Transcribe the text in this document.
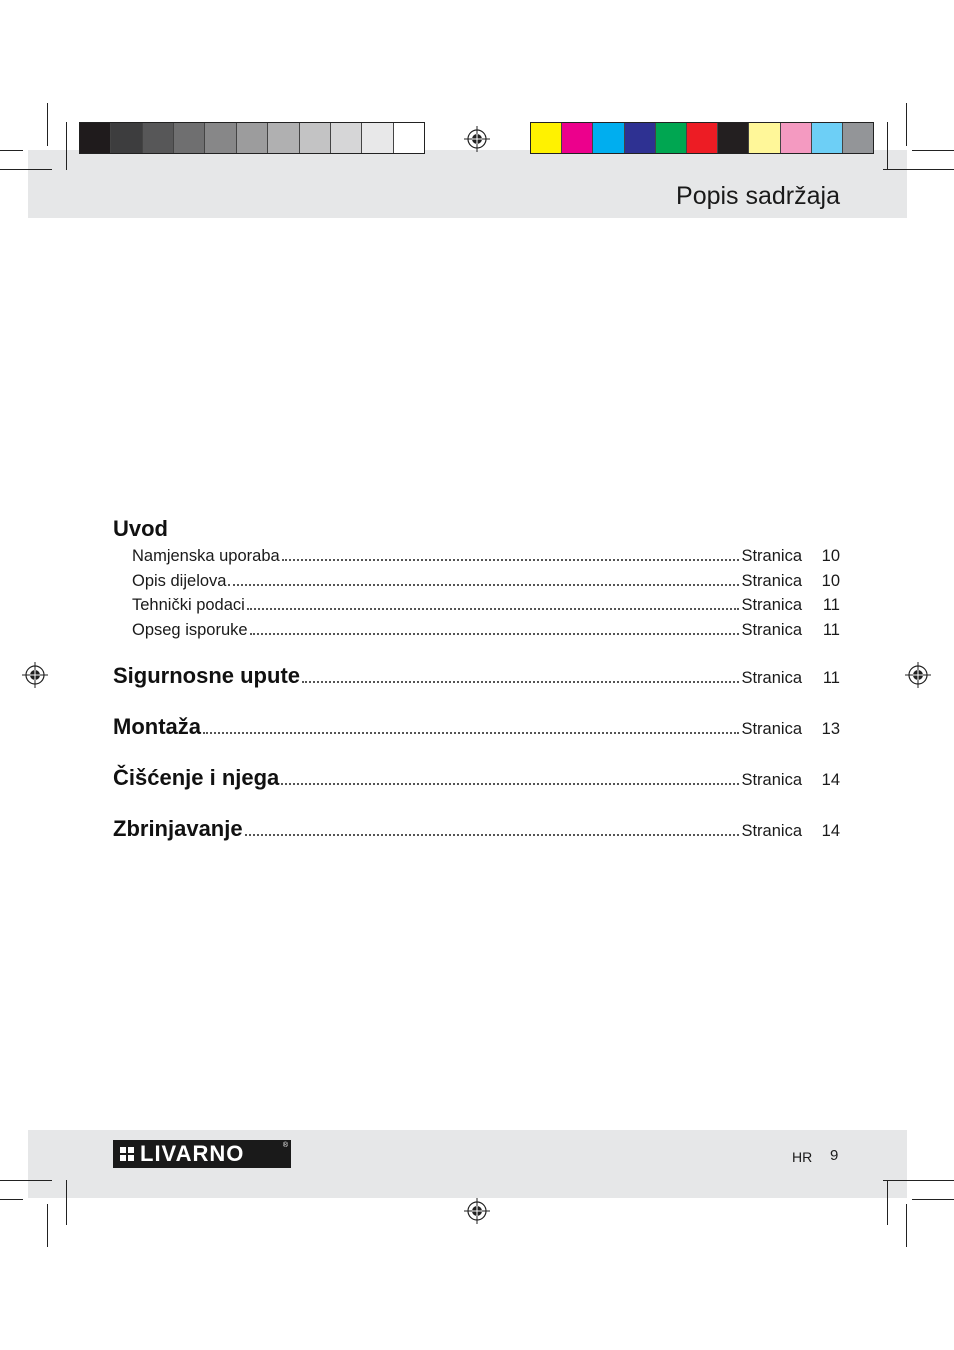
Popis sadržaja
Uvod
Namjenska uporaba	Stranica	10
Opis dijelova	Stranica	10
Tehnički podaci	Stranica	11
Opseg isporuke	Stranica	11
Sigurnosne upute	Stranica	11
Montaža	Stranica	13
Čišćenje i njega	Stranica	14
Zbrinjavanje	Stranica	14
LIVARNO	®
HR 9
